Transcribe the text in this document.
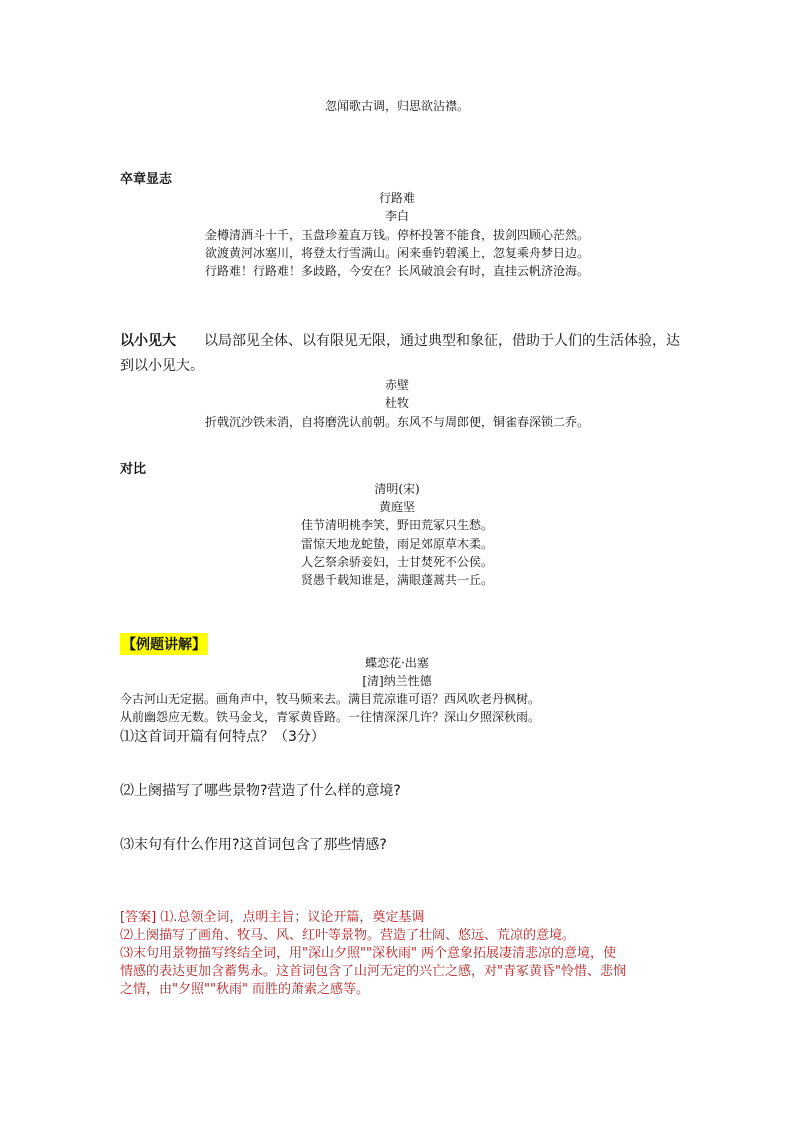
忽闻歌古调，归思欲沾襟。
卒章显志
行路难
李白
金樽清酒斗十千，玉盘珍羞直万钱。停杯投箸不能食，拔剑四顾心茫然。
欲渡黄河冰塞川，将登太行雪满山。闲来垂钓碧溪上，忽复乘舟梦日边。
行路难！行路难！多歧路，今安在？长风破浪会有时，直挂云帆济沧海。
以小见大 以局部见全体、以有限见无限，通过典型和象征，借助于人们的生活体验，达
到以小见大。
赤壁
杜牧
折戟沉沙铁未消，自将磨洗认前朝。东风不与周郎便，铜雀春深锁二乔。
对比
清明(宋)
黄庭坚
佳节清明桃李笑，野田荒冢只生愁。
雷惊天地龙蛇蛰，雨足郊原草木柔。
人乞祭余骄妾妇，士甘焚死不公侯。
贤愚千载知谁是，满眼蓬蒿共一丘。
【例题讲解】
蝶恋花·出塞
[清]纳兰性德
今古河山无定据。画角声中，牧马频来去。满目荒凉谁可语？西风吹老丹枫树。
从前幽怨应无数。铁马金戈，青冢黄昏路。一往情深深几许？深山夕照深秋雨。
⑴这首词开篇有何特点？（3分）
⑵上阕描写了哪些景物?营造了什么样的意境?
⑶末句有什么作用?这首词包含了那些情感?
[答案] ⑴.总领全词，点明主旨；议论开篇，奠定基调
⑵上阕描写了画角、牧马、风、红叶等景物。营造了壮阔、悠远、荒凉的意境。
⑶末句用景物描写终结全词，用"深山夕照""深秋雨" 两个意象拓展凄清悲凉的意境，使
情感的表达更加含蓄隽永。这首词包含了山河无定的兴亡之感，对"青冢黄昏"怜惜、悲悯
之情，由"夕照""秋雨" 而胜的萧索之感等。
